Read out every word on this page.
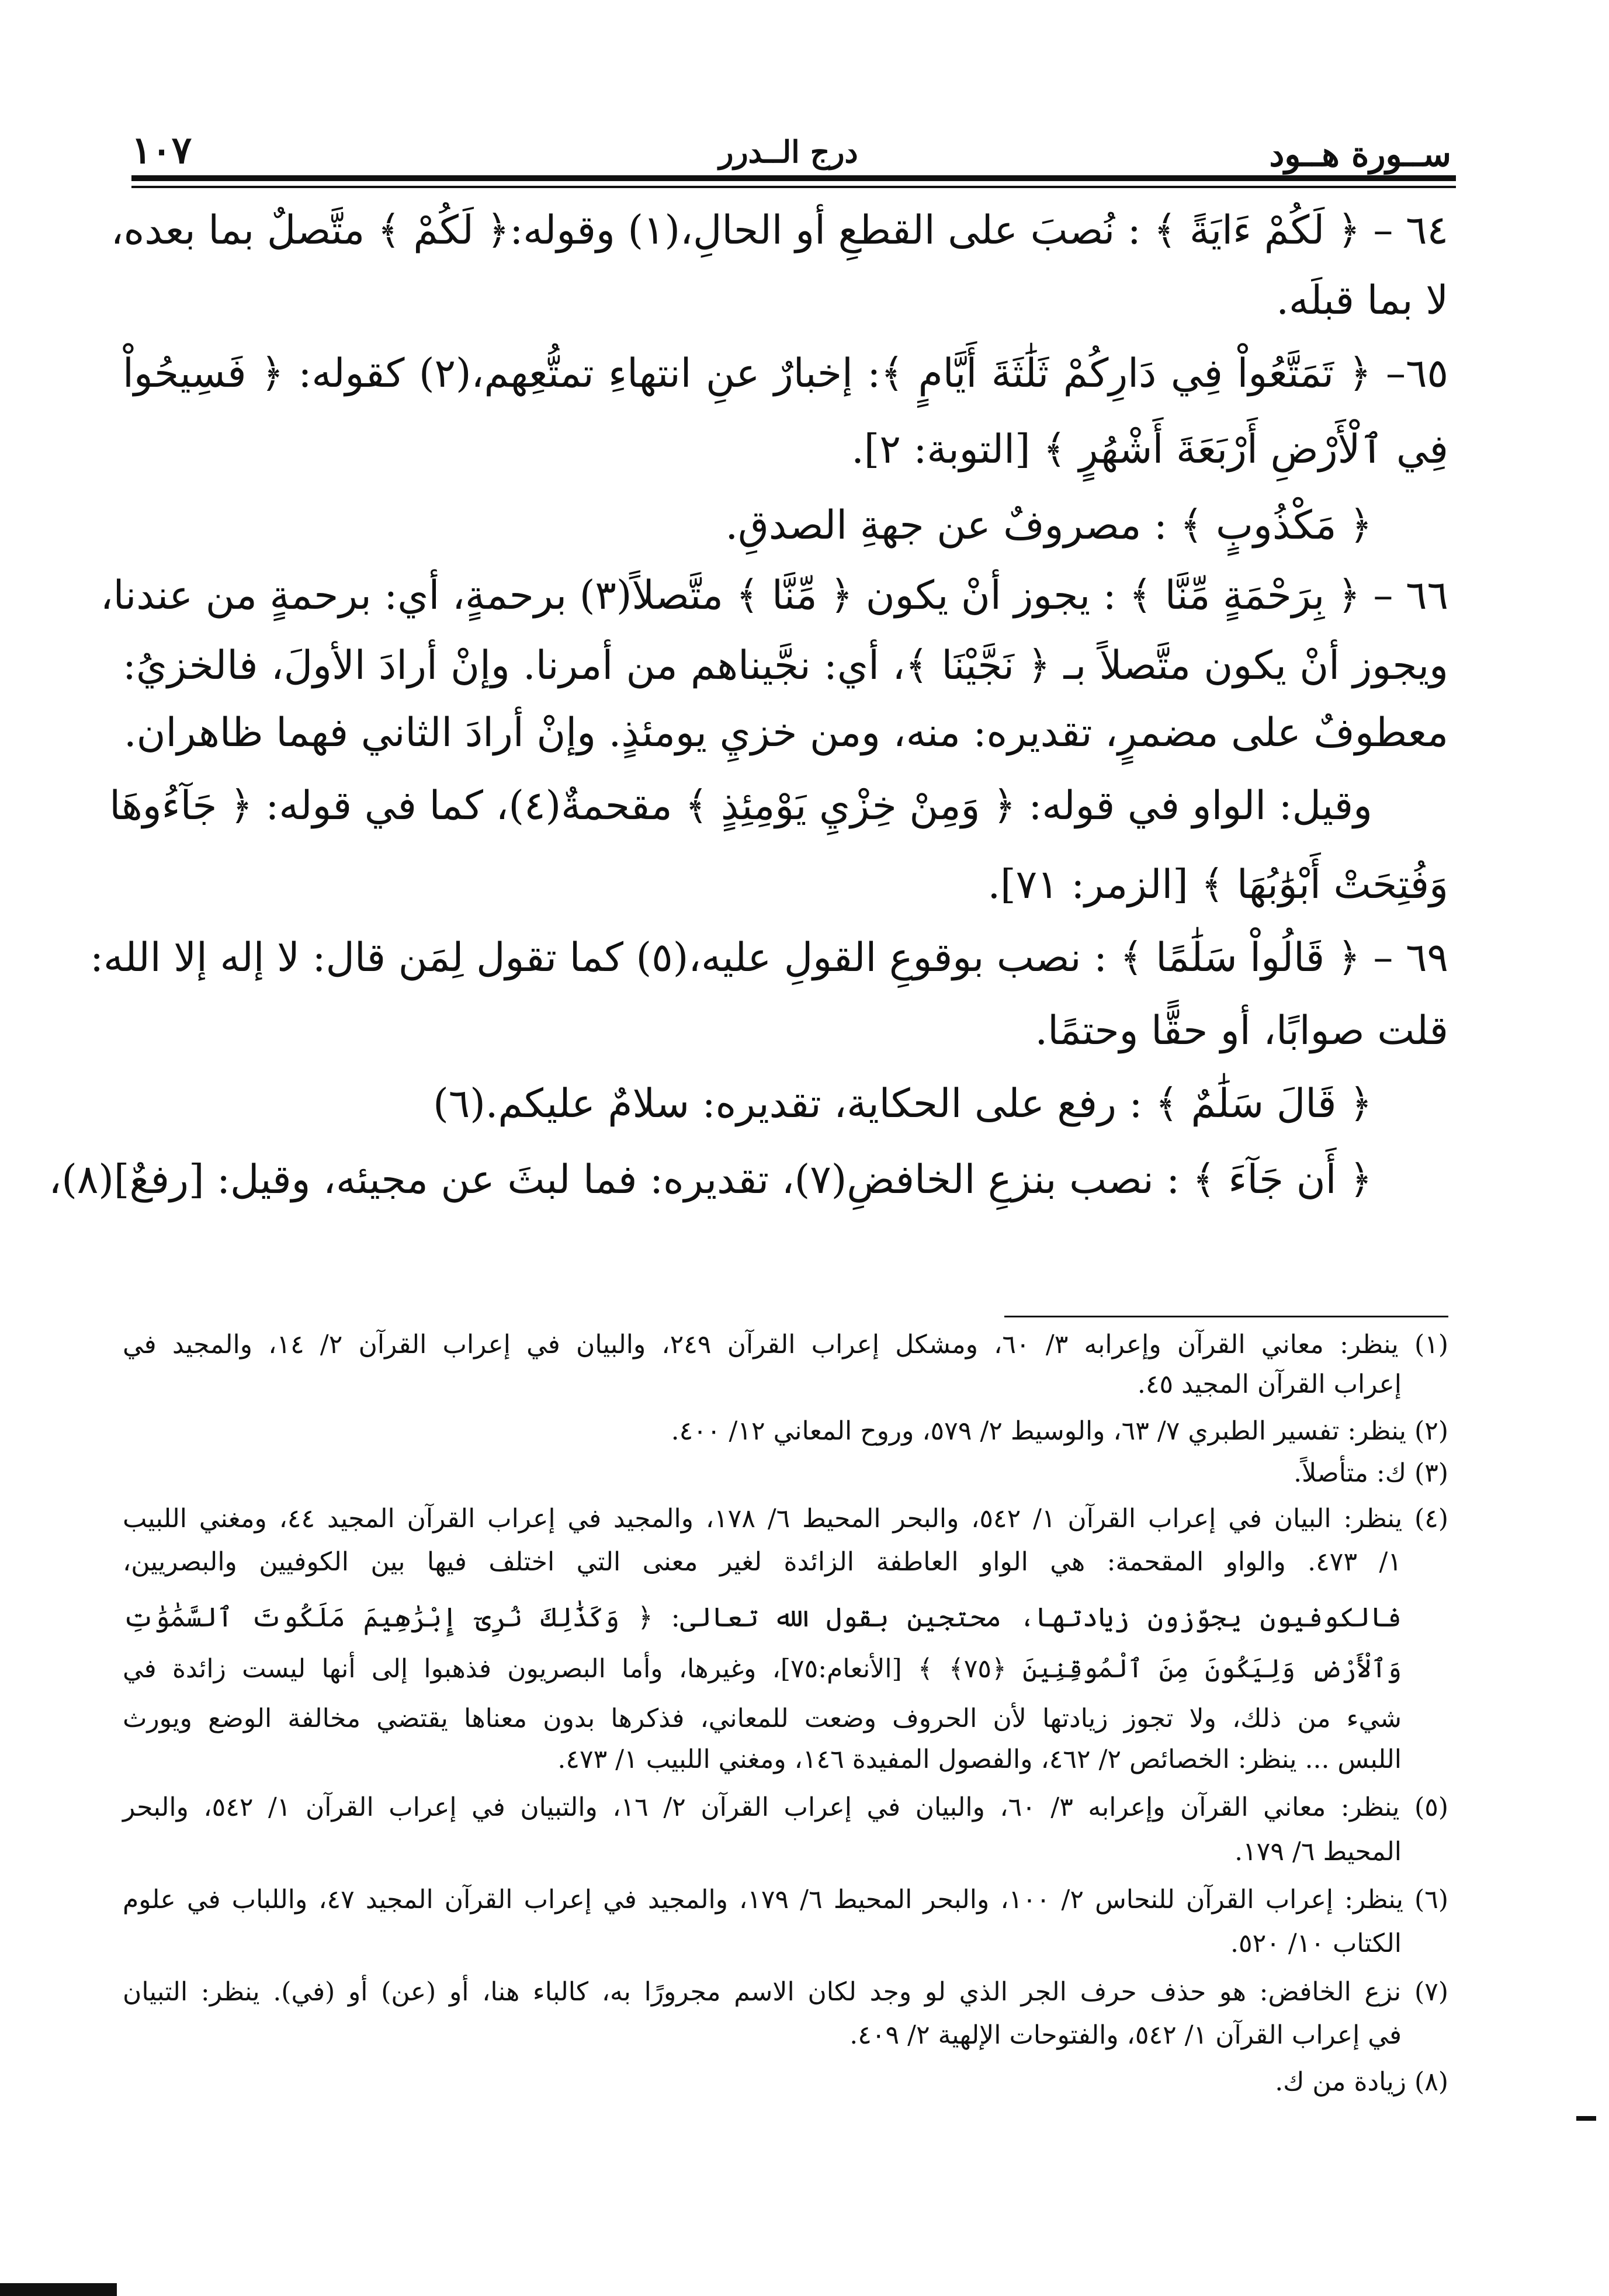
ســورة هــود
درج الــدرر
١٠٧
٦٤ – ﴿ لَكُمْ ءَايَةً ﴾ : نُصبَ على القطعِ أو الحالِ،(١) وقوله:﴿ لَكُمْ ﴾ متَّصلٌ بما بعده،
لا بما قبلَه.
٦٥– ﴿ تَمَتَّعُواْ فِي دَارِكُمْ ثَلَٰثَةَ أَيَّامٍ ﴾: إخبارٌ عنِ انتهاءِ تمتُّعِهم،(٢) كقوله: ﴿ فَسِيحُواْ
فِي ٱلْأَرْضِ أَرْبَعَةَ أَشْهُرٍ ﴾ [التوبة: ٢].
﴿ مَكْذُوبٍ ﴾ : مصروفٌ عن جهةِ الصدقِ.
٦٦ – ﴿ بِرَحْمَةٍ مِّنَّا ﴾ : يجوز أنْ يكون ﴿ مِّنَّا ﴾ متَّصلاً(٣) برحمةٍ، أي: برحمةٍ من عندنا،
ويجوز أنْ يكون متَّصلاً بـ ﴿ نَجَّيْنَا ﴾، أي: نجَّيناهم من أمرنا. وإنْ أرادَ الأولَ، فالخزيُ:
معطوفٌ على مضمرٍ، تقديره: منه، ومن خزيِ يومئذٍ. وإنْ أرادَ الثاني فهما ظاهران.
وقيل: الواو في قوله: ﴿ وَمِنْ خِزْيِ يَوْمِئِذٍ ﴾ مقحمةٌ(٤)، كما في قوله: ﴿ جَآءُوهَا
وَفُتِحَتْ أَبْوَٰبُهَا ﴾ [الزمر: ٧١].
٦٩ – ﴿ قَالُواْ سَلَٰمًا ﴾ : نصب بوقوعِ القولِ عليه،(٥) كما تقول لِمَن قال: لا إله إلا الله:
قلت صوابًا، أو حقًّا وحتمًا.
﴿ قَالَ سَلَٰمٌ ﴾ : رفع على الحكاية، تقديره: سلامٌ عليكم.(٦)
﴿ أَن جَآءَ ﴾ : نصب بنزعِ الخافضِ(٧)، تقديره: فما لبثَ عن مجيئه، وقيل: [رفعٌ](٨)،
(١) ينظر: معاني القرآن وإعرابه ٣/ ٦٠، ومشكل إعراب القرآن ٢٤٩، والبيان في إعراب القرآن ٢/ ١٤، والمجيد في
إعراب القرآن المجيد ٤٥.
(٢) ينظر: تفسير الطبري ٧/ ٦٣، والوسيط ٢/ ٥٧٩، وروح المعاني ١٢/ ٤٠٠.
(٣) ك: متأصلاً.
(٤) ينظر: البيان في إعراب القرآن ١/ ٥٤٢، والبحر المحيط ٦/ ١٧٨، والمجيد في إعراب القرآن المجيد ٤٤، ومغني اللبيب
١/ ٤٧٣. والواو المقحمة: هي الواو العاطفة الزائدة لغير معنى التي اختلف فيها بين الكوفيين والبصريين،
فالكوفيون يجوّزون زيادتها، محتجين بقول الله تعالى: ﴿ وَكَذَٰلِكَ نُرِىٓ إِبْرَٰهِيمَ مَلَكُوتَ ٱلسَّمَٰوَٰتِ
وَٱلْأَرْضِ وَلِيَكُونَ مِنَ ٱلْمُوقِنِينَ ﴿٧٥﴾ ﴾ [الأنعام:٧٥]، وغيرها، وأما البصريون فذهبوا إلى أنها ليست زائدة في
شيء من ذلك، ولا تجوز زيادتها لأن الحروف وضعت للمعاني، فذكرها بدون معناها يقتضي مخالفة الوضع ويورث
اللبس ... ينظر: الخصائص ٢/ ٤٦٢، والفصول المفيدة ١٤٦، ومغني اللبيب ١/ ٤٧٣.
(٥) ينظر: معاني القرآن وإعرابه ٣/ ٦٠، والبيان في إعراب القرآن ٢/ ١٦، والتبيان في إعراب القرآن ١/ ٥٤٢، والبحر
المحيط ٦/ ١٧٩.
(٦) ينظر: إعراب القرآن للنحاس ٢/ ١٠٠، والبحر المحيط ٦/ ١٧٩، والمجيد في إعراب القرآن المجيد ٤٧، واللباب في علوم
الكتاب ١٠/ ٥٢٠.
(٧) نزع الخافض: هو حذف حرف الجر الذي لو وجد لكان الاسم مجرورًا به، كالباء هنا، أو (عن) أو (في). ينظر: التبيان
في إعراب القرآن ١/ ٥٤٢، والفتوحات الإلهية ٢/ ٤٠٩.
(٨) زيادة من ك.
